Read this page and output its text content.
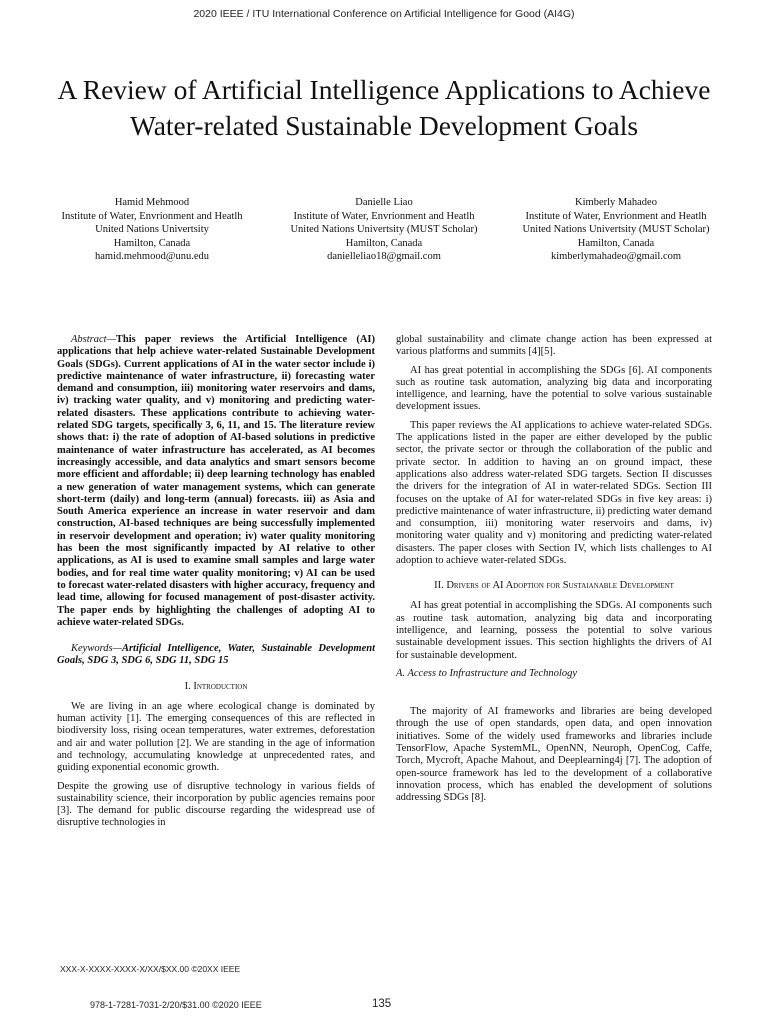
2020 IEEE / ITU International Conference on Artificial Intelligence for Good (AI4G)
A Review of Artificial Intelligence Applications to Achieve Water-related Sustainable Development Goals
Hamid Mehmood
Institute of Water, Envrionment and Heatlh
United Nations Univertsity
Hamilton, Canada
hamid.mehmood@unu.edu
Danielle Liao
Institute of Water, Envrionment and Heatlh
United Nations Univertsity (MUST Scholar)
Hamilton, Canada
danielleliao18@gmail.com
Kimberly Mahadeo
Institute of Water, Envrionment and Heatlh
United Nations Univertsity (MUST Scholar)
Hamilton, Canada
kimberlymahadeo@gmail.com

Abstract—This paper reviews the Artificial Intelligence (AI) applications that help achieve water-related Sustainable Development Goals (SDGs). Current applications of AI in the water sector include i) predictive maintenance of water infrastructure, ii) forecasting water demand and consumption, iii) monitoring water reservoirs and dams, iv) tracking water quality, and v) monitoring and predicting water-related disasters. These applications contribute to achieving water-related SDG targets, specifically 3, 6, 11, and 15. The literature review shows that: i) the rate of adoption of AI-based solutions in predictive maintenance of water infrastructure has accelerated, as AI becomes increasingly accessible, and data analytics and smart sensors become more efficient and affordable; ii) deep learning technology has enabled a new generation of water management systems, which can generate short-term (daily) and long-term (annual) forecasts. iii) as Asia and South America experience an increase in water reservoir and dam construction, AI-based techniques are being successfully implemented in reservoir development and operation; iv) water quality monitoring has been the most significantly impacted by AI relative to other applications, as AI is used to examine small samples and large water bodies, and for real time water quality monitoring; v) AI can be used to forecast water-related disasters with higher accuracy, frequency and lead time, allowing for focused management of post-disaster activity. The paper ends by highlighting the challenges of adopting AI to achieve water-related SDGs.

Keywords—Artificial Intelligence, Water, Sustainable Development Goals, SDG 3, SDG 6, SDG 11, SDG 15

I. Introduction

We are living in an age where ecological change is dominated by human activity [1]. The emerging consequences of this are reflected in biodiversity loss, rising ocean temperatures, water extremes, deforestation and air and water pollution [2]. We are standing in the age of information and technology, accumulating knowledge at unprecedented rates, and guiding exponential economic growth.

Despite the growing use of disruptive technology in various fields of sustainability science, their incorporation by public agencies remains poor [3]. The demand for public discourse regarding the widespread use of disruptive technologies in

global sustainability and climate change action has been expressed at various platforms and summits [4][5].

AI has great potential in accomplishing the SDGs [6]. AI components such as routine task automation, analyzing big data and incorporating intelligence, and learning, have the potential to solve various sustainable development issues.

This paper reviews the AI applications to achieve water-related SDGs. The applications listed in the paper are either developed by the public sector, the private sector or through the collaboration of the public and private sector. In addition to having an on ground impact, these applications also address water-related SDG targets. Section II discusses the drivers for the integration of AI in water-related SDGs. Section III focuses on the uptake of AI for water-related SDGs in five key areas: i) predictive maintenance of water infrastructure, ii) predicting water demand and consumption, iii) monitoring water reservoirs and dams, iv) monitoring water quality and v) monitoring and predicting water-related disasters. The paper closes with Section IV, which lists challenges to AI adoption to achieve water-related SDGs.

II. Drivers of AI Adoption for Sustaianable Development

AI has great potential in accomplishing the SDGs. AI components such as routine task automation, analyzing big data and incorporating intelligence, and learning, possess the potential to solve various sustainable development issues. This section highlights the drivers of AI for sustainable development.

A. Access to Infrastructure and Technology

The majority of AI frameworks and libraries are being developed through the use of open standards, open data, and open innovation initiatives. Some of the widely used frameworks and libraries include TensorFlow, Apache SystemML, OpenNN, Neuroph, OpenCog, Caffe, Torch, Mycroft, Apache Mahout, and Deeplearning4j [7]. The adoption of open-source framework has led to the development of a collaborative innovation process, which has enabled the development of solutions addressing SDGs [8].

XXX-X-XXXX-XXXX-X/XX/$XX.00 ©20XX IEEE
978-1-7281-7031-2/20/$31.00 ©2020 IEEE	135
